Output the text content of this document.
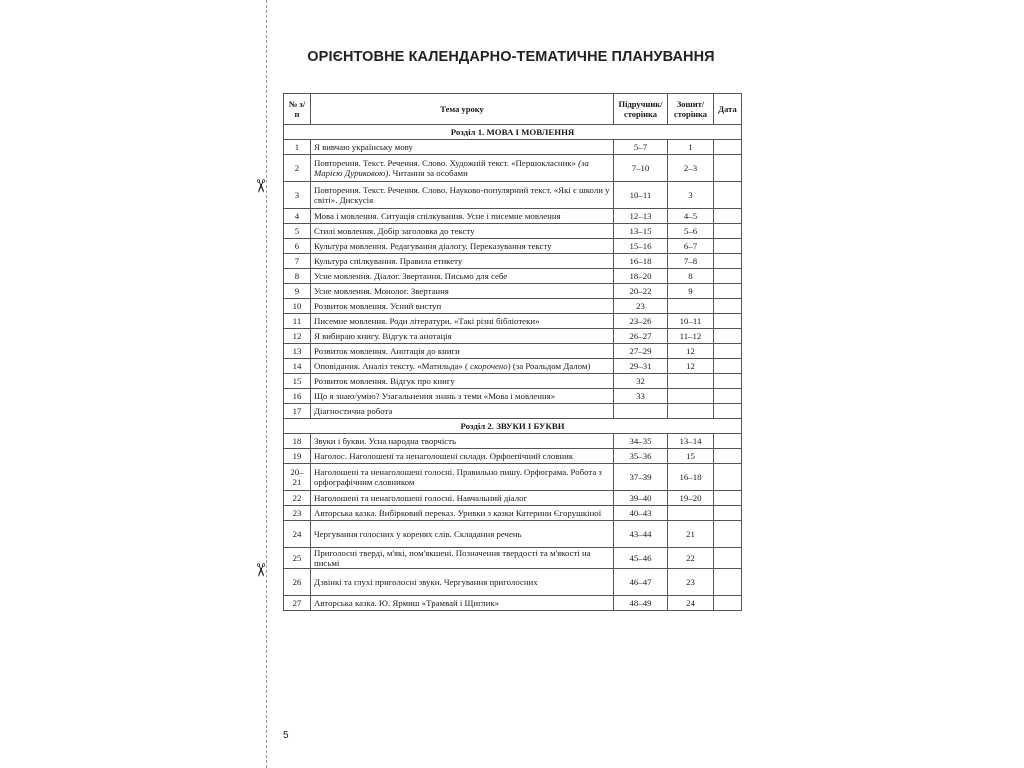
✂
✂
ОРІЄНТОВНЕ КАЛЕНДАРНО-ТЕМАТИЧНЕ ПЛАНУВАННЯ
№ з/п	Тема уроку	Підручник/ сторінка	Зошит/ сторінка	Дата
Розділ 1. МОВА І МОВЛЕННЯ				
1	Я вивчаю українську мову	5–7	1	
2	Повторення. Текст. Речення. Слово. Художній текст. «Першокласник» (за Марією Дуриковою). Читання за особами	7–10	2–3	
3	Повторення. Текст. Речення. Слово. Науково-популярний текст. «Які є школи у світі». Дискусія	10–11	3	
4	Мова і мовлення. Ситуація спілкування. Усне і писемне мовлення	12–13	4–5	
5	Стилі мовлення. Добір заголовка до тексту	13–15	5–6	
6	Культура мовлення. Редагування діалогу. Переказування тексту	15–16	6–7	
7	Культура спілкування. Правила етикету	16–18	7–8	
8	Усне мовлення. Діалог. Звертання. Письмо для себе	18–20	8	
9	Усне мовлення. Монолог. Звертання	20–22	9	
10	Розвиток мовлення. Усний виступ	23		
11	Писемне мовлення. Роди літератури. «Такі різні бібліотеки»	23–26	10–11	
12	Я вибираю книгу. Відгук та анотація	26–27	11–12	
13	Розвиток мовлення. Анотація до книги	27–29	12	
14	Оповідання. Аналіз тексту. «Матильда» ( скорочено) (за Роальдом Далом)	29–31	12	
15	Розвиток мовлення. Відгук про книгу	32		
16	Що я знаю/умію? Узагальнення знань з теми «Мова і мовлення»	33		
17	Діагностична робота			
Розділ 2. ЗВУКИ І БУКВИ				
18	Звуки і букви. Усна народна творчість	34–35	13–14	
19	Наголос. Наголошені та ненаголошені склади. Орфоепічний словник	35–36	15	
20–21	Наголошені та ненаголошені голосні. Правильно пишу. Орфограма. Робота з орфографічним словником	37–39	16–18	
22	Наголошені та ненаголошені голосні. Навчальний діалог	39–40	19–20	
23	Авторська казка. Вибірковий переказ. Уривки з казки Катерини Єгорушкіної	40–43		
24	Чергування голосних у коренях слів. Складання речень	43–44	21	
25	Приголосні тверді, м'які, пом'якшені. Позначення твердості та м'якості на письмі	45–46	22	
26	Дзвінкі та глухі приголосні звуки. Чергування приголосних	46–47	23	
27	Авторська казка. Ю. Ярмиш «Трамвай і Щиглик»	48–49	24	
5
